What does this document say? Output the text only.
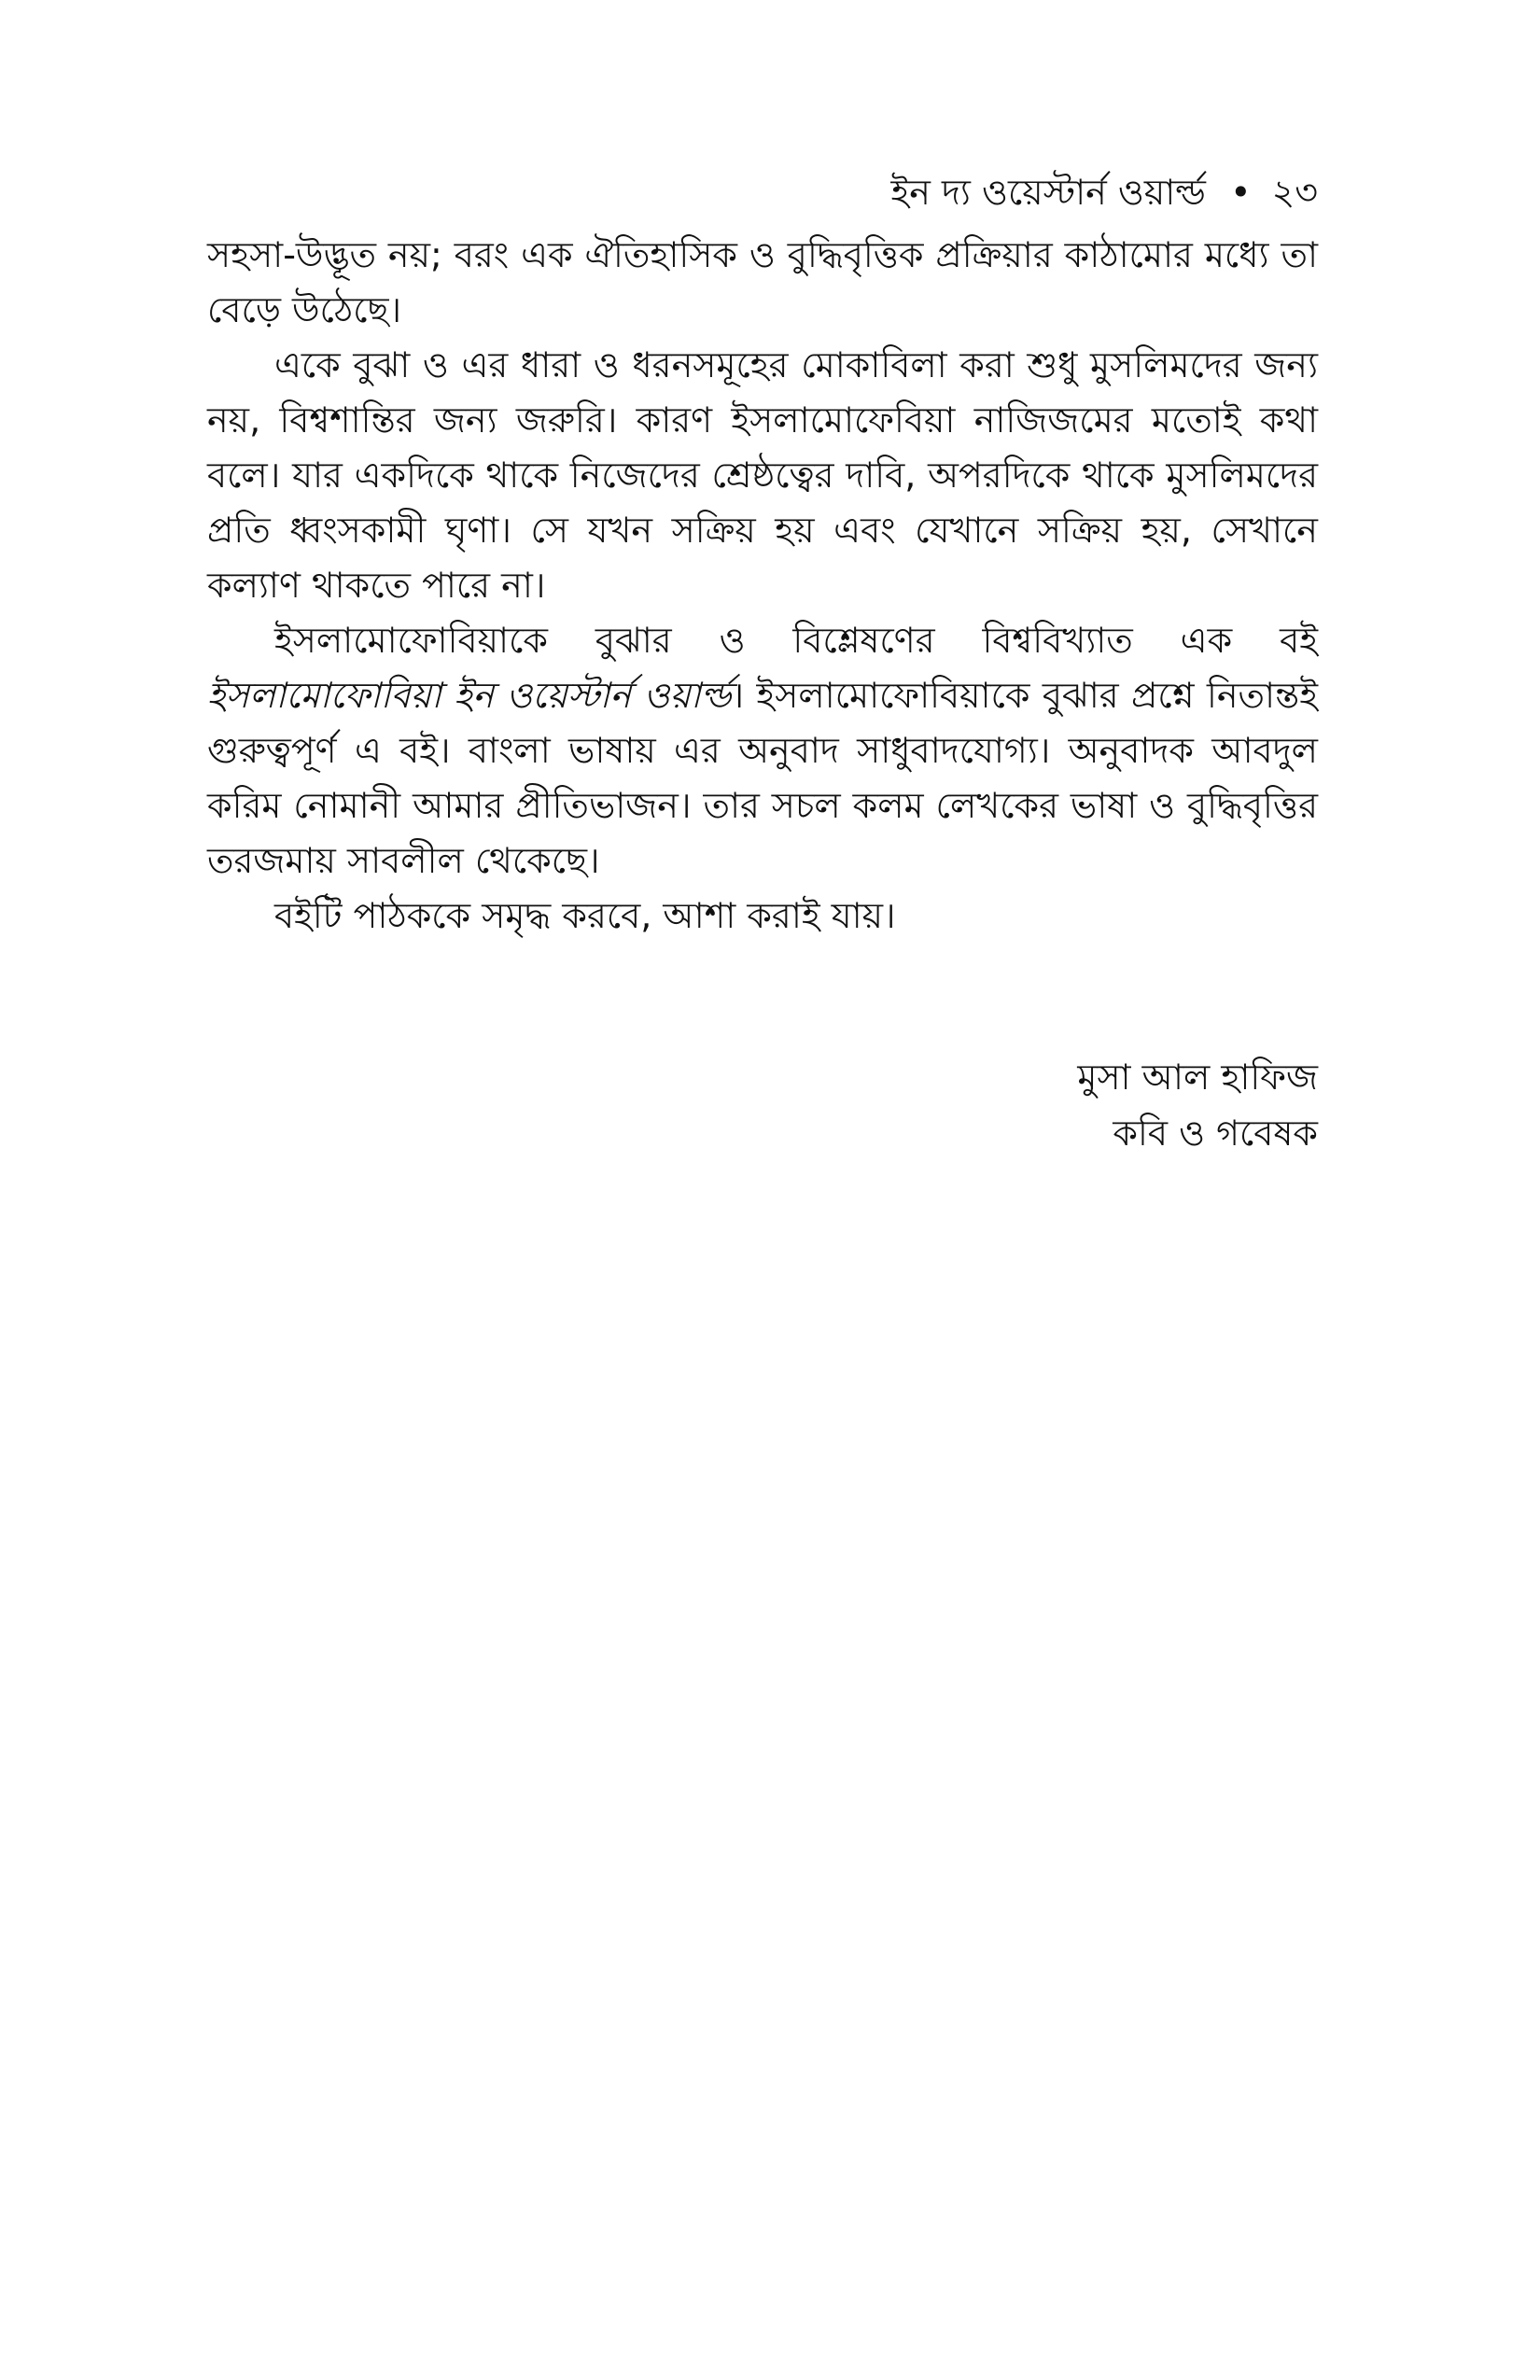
ইন দ্য ওয়েস্টার্ন ওয়ার্ল্ড • ২৩

সহসা-উদ্ভূত নয়; বরং এক ঐতিহাসিক ও বুদ্ধিবৃত্তিক প্রক্রিয়ার কাঠামোর মধ্যে তা বেড়ে উঠেছে।

একে বুঝা ও এর ধারা ও ধরনসমূহের মোকাবিলা করা শুধু মুসলিমদের জন্য নয়, বিশ্বশান্তির জন্য জরুরি। কারণ ইসলামোফেবিয়া নাজিজমের মতোই কথা বলে। যার একদিকে থাকে নিজেদের শ্রেষ্ঠত্বের দাবি, অপরদিকে থাকে মুসলিমদের প্রতি ধ্বংসকামী ঘৃণা। সে যখন সক্রিয় হয় এবং যেখানে সক্রিয় হয়, সেখানে কল্যাণ থাকতে পারে না।

ইসলামোফোবিয়াকে বুঝার ও বিশ্লেষণের বিশ্ববিখ্যাত এক বই ইসলামোফোবিয়া ইন ওয়েস্টার্ন ওয়ার্ল্ড। ইসলামোফোবিয়াকে বুঝার প্রশ্নে নিতান্তই গুরুত্বপূর্ণ এ বই। বাংলা ভাষায় এর অনুবাদ সাধুবাদযোগ্য। অনুবাদক আবদুল করিম নোমানী আমার প্রীতিভাজন। তার সচল কলম লেখকের ভাষা ও বুদ্ধিবৃত্তির তরজমায় সাবলীল থেকেছে।

বইটি পাঠককে সমৃদ্ধ করবে, আশা করাই যায়।

মুসা আল হাফিজ
কবি ও গবেষক
